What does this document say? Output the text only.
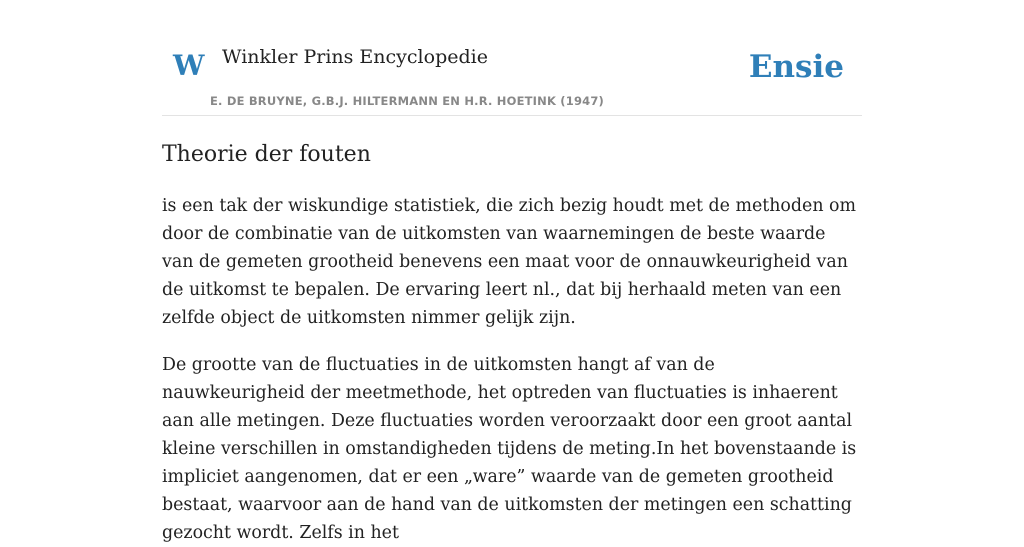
W Winkler Prins Encyclopedie
E. DE BRUYNE, G.B.J. HILTERMANN EN H.R. HOETINK (1947)
Ensie
Theorie der fouten

is een tak der wiskundige statistiek, die zich bezig houdt met de methoden om door de combinatie van de uitkomsten van waarnemingen de beste waarde van de gemeten grootheid benevens een maat voor de onnauwkeurigheid van de uitkomst te bepalen. De ervaring leert nl., dat bij herhaald meten van een zelfde object de uitkomsten nimmer gelijk zijn.

De grootte van de fluctuaties in de uitkomsten hangt af van de nauwkeurigheid der meetmethode, het optreden van fluctuaties is inhaerent aan alle metingen. Deze fluctuaties worden veroorzaakt door een groot aantal kleine verschillen in omstandigheden tijdens de meting.In het bovenstaande is impliciet aangenomen, dat er een „ware” waarde van de gemeten grootheid bestaat, waarvoor aan de hand van de uitkomsten der metingen een schatting gezocht wordt. Zelfs in het
